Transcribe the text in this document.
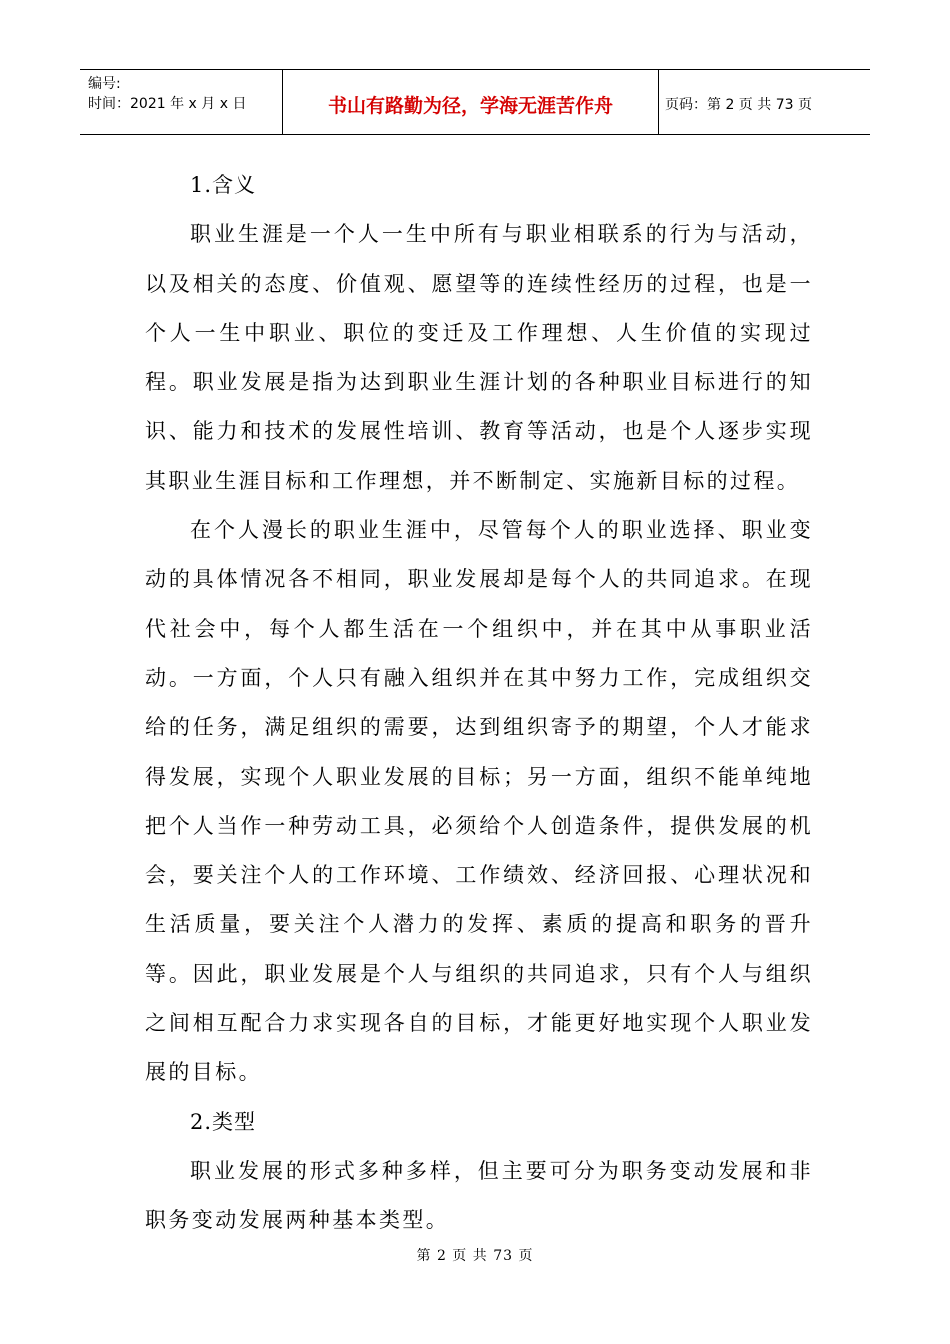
编号:
时间：2021 年 x 月 x 日	书山有路勤为径，学海无涯苦作舟	页码：第 2 页 共 73 页

1.含义

职业生涯是一个人一生中所有与职业相联系的行为与活动，以及相关的态度、价值观、愿望等的连续性经历的过程，也是一个人一生中职业、职位的变迁及工作理想、人生价值的实现过程。职业发展是指为达到职业生涯计划的各种职业目标进行的知识、能力和技术的发展性培训、教育等活动，也是个人逐步实现其职业生涯目标和工作理想，并不断制定、实施新目标的过程。

在个人漫长的职业生涯中，尽管每个人的职业选择、职业变动的具体情况各不相同，职业发展却是每个人的共同追求。在现代社会中，每个人都生活在一个组织中，并在其中从事职业活动。一方面，个人只有融入组织并在其中努力工作，完成组织交给的任务，满足组织的需要，达到组织寄予的期望，个人才能求得发展，实现个人职业发展的目标；另一方面，组织不能单纯地把个人当作一种劳动工具，必须给个人创造条件，提供发展的机会，要关注个人的工作环境、工作绩效、经济回报、心理状况和生活质量，要关注个人潜力的发挥、素质的提高和职务的晋升等。因此，职业发展是个人与组织的共同追求，只有个人与组织之间相互配合力求实现各自的目标，才能更好地实现个人职业发展的目标。

2.类型

职业发展的形式多种多样，但主要可分为职务变动发展和非职务变动发展两种基本类型。

第 2 页 共 73 页
